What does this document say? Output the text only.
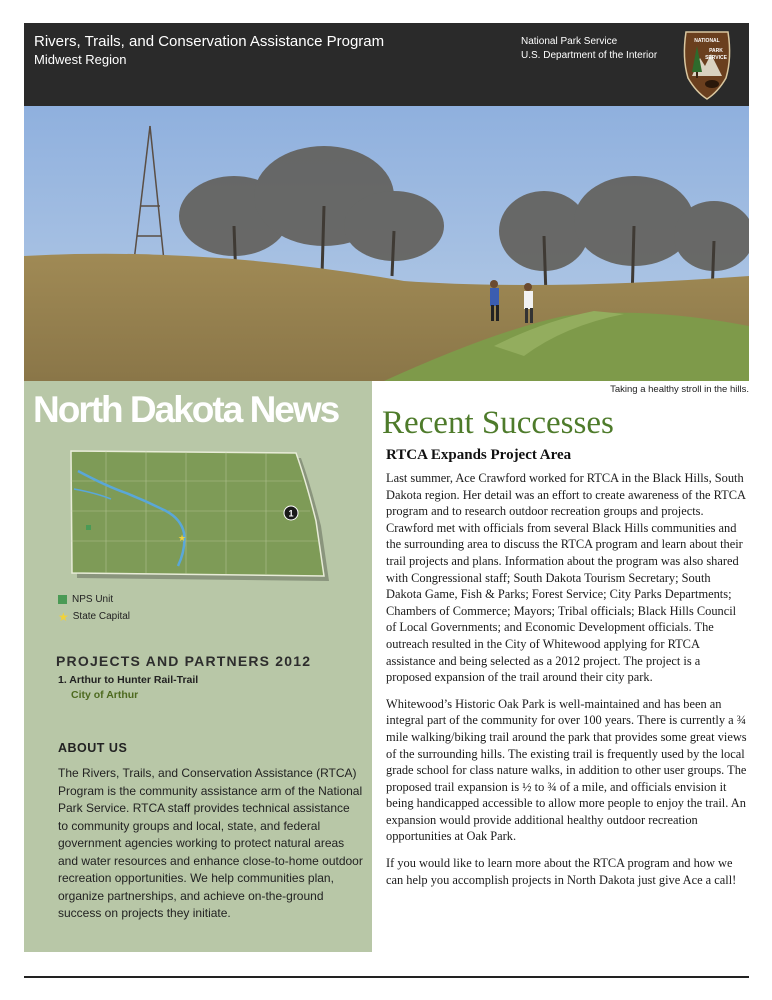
Rivers, Trails, and Conservation Assistance Program
Midwest Region
National Park Service
U.S. Department of the Interior
NATIONAL
PARK
SERVICE
Taking a healthy stroll in the hills.
North Dakota News
★
1
NPS Unit
★ State Capital
PROJECTS AND PARTNERS 2012
1. Arthur to Hunter Rail-Trail
City of Arthur
ABOUT US
The Rivers, Trails, and Conservation Assistance (RTCA) Program is the community assistance arm of the National Park Service. RTCA staff provides technical assistance to community groups and local, state, and federal government agencies working to protect natural areas and water resources and enhance close-to-home outdoor recreation opportunities. We help communities plan, organize partnerships, and achieve on-the-ground success on projects they initiate.
Recent Successes
RTCA Expands Project Area

Last summer, Ace Crawford worked for RTCA in the Black Hills, South Dakota region. Her detail was an effort to create awareness of the RTCA program and to research outdoor recreation groups and projects. Crawford met with officials from several Black Hills communities and the surrounding area to discuss the RTCA program and learn about their trail projects and plans. Information about the program was also shared with Congressional staff; South Dakota Tourism Secretary; South Dakota Game, Fish & Parks; Forest Service; City Parks Departments; Chambers of Commerce; Mayors; Tribal officials; Black Hills Council of Local Governments; and Economic Development officials. The outreach resulted in the City of Whitewood applying for RTCA assistance and being selected as a 2012 project. The project is a proposed expansion of the trail around their city park.

Whitewood’s Historic Oak Park is well-maintained and has been an integral part of the community for over 100 years. There is currently a ¾ mile walking/biking trail around the park that provides some great views of the surrounding hills. The existing trail is frequently used by the local grade school for class nature walks, in addition to other user groups. The proposed trail expansion is ½ to ¾ of a mile, and officials envision it being handicapped accessible to allow more people to enjoy the trail. An expansion would provide additional healthy outdoor recreation opportunities at Oak Park.

If you would like to learn more about the RTCA program and how we can help you accomplish projects in North Dakota just give Ace a call!
